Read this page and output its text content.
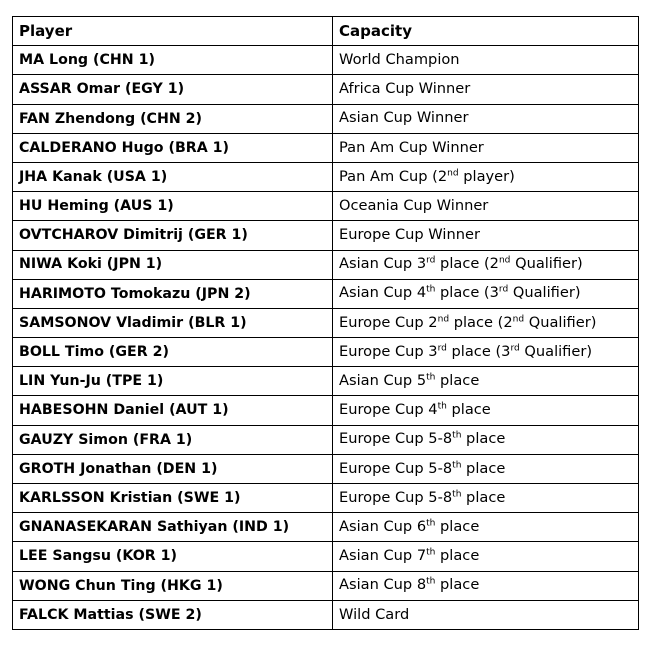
Player	Capacity
MA Long (CHN 1)	World Champion
ASSAR Omar (EGY 1)	Africa Cup Winner
FAN Zhendong (CHN 2)	Asian Cup Winner
CALDERANO Hugo (BRA 1)	Pan Am Cup Winner
JHA Kanak (USA 1)	Pan Am Cup (2nd player)
HU Heming (AUS 1)	Oceania Cup Winner
OVTCHAROV Dimitrij (GER 1)	Europe Cup Winner
NIWA Koki (JPN 1)	Asian Cup 3rd place (2nd Qualifier)
HARIMOTO Tomokazu (JPN 2)	Asian Cup 4th place (3rd Qualifier)
SAMSONOV Vladimir (BLR 1)	Europe Cup 2nd place (2nd Qualifier)
BOLL Timo (GER 2)	Europe Cup 3rd place (3rd Qualifier)
LIN Yun-Ju (TPE 1)	Asian Cup 5th place
HABESOHN Daniel (AUT 1)	Europe Cup 4th place
GAUZY Simon (FRA 1)	Europe Cup 5-8th place
GROTH Jonathan (DEN 1)	Europe Cup 5-8th place
KARLSSON Kristian (SWE 1)	Europe Cup 5-8th place
GNANASEKARAN Sathiyan (IND 1)	Asian Cup 6th place
LEE Sangsu (KOR 1)	Asian Cup 7th place
WONG Chun Ting (HKG 1)	Asian Cup 8th place
FALCK Mattias (SWE 2)	Wild Card
